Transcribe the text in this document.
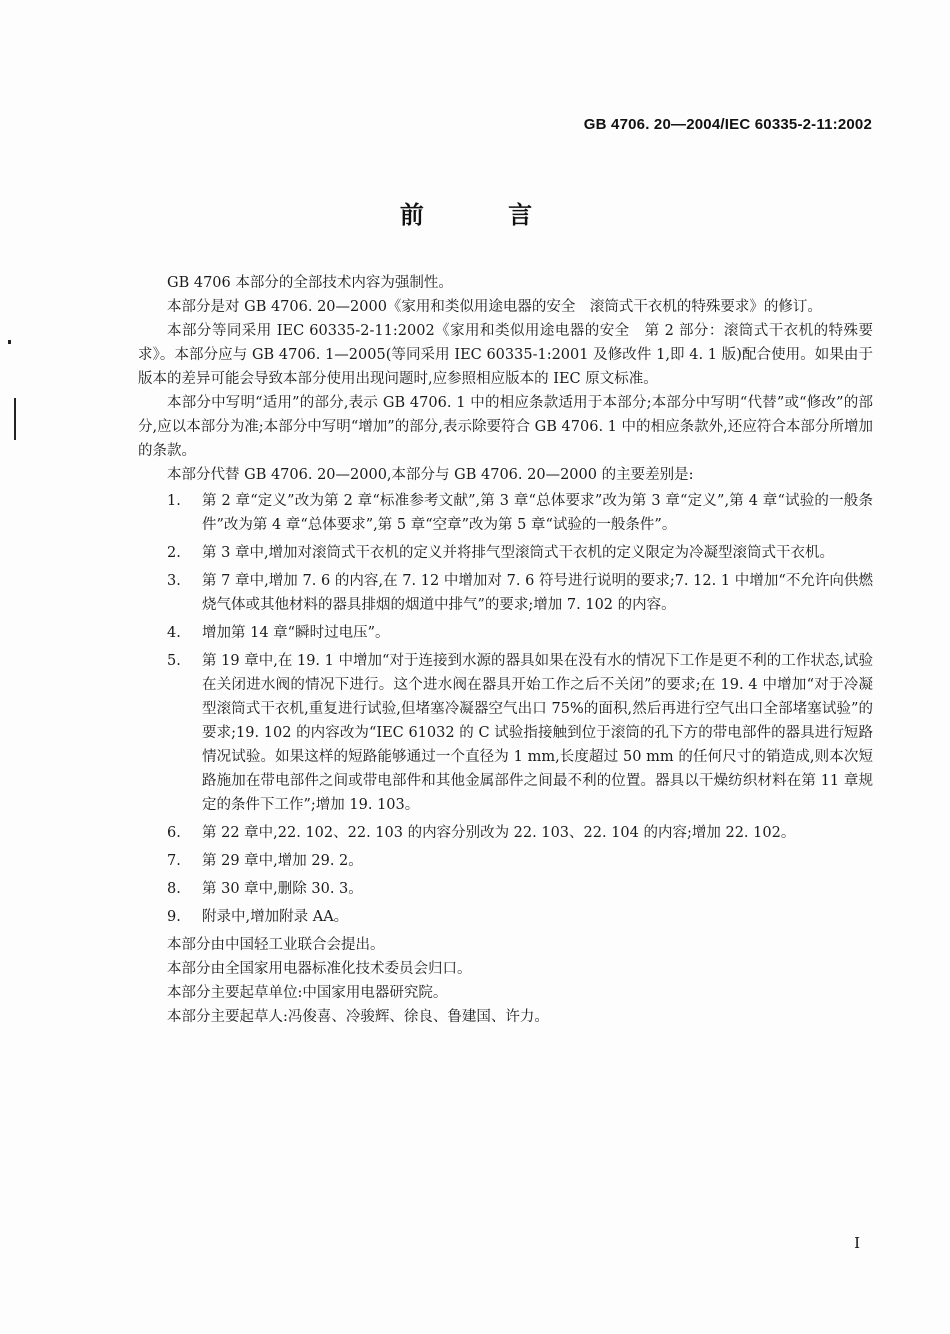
GB 4706. 20—2004/IEC 60335-2-11:2002
前 言

GB 4706 本部分的全部技术内容为强制性。

本部分是对 GB 4706. 20—2000《家用和类似用途电器的安全　滚筒式干衣机的特殊要求》的修订。

本部分等同采用 IEC 60335-2-11:2002《家用和类似用途电器的安全　第 2 部分：滚筒式干衣机的特殊要求》。本部分应与 GB 4706. 1—2005(等同采用 IEC 60335-1:2001 及修改件 1,即 4. 1 版)配合使用。如果由于版本的差异可能会导致本部分使用出现问题时,应参照相应版本的 IEC 原文标准。

本部分中写明“适用”的部分,表示 GB 4706. 1 中的相应条款适用于本部分;本部分中写明“代替”或“修改”的部分,应以本部分为准;本部分中写明“增加”的部分,表示除要符合 GB 4706. 1 中的相应条款外,还应符合本部分所增加的条款。

本部分代替 GB 4706. 20—2000,本部分与 GB 4706. 20—2000 的主要差别是:

1. 第 2 章“定义”改为第 2 章“标准参考文献”,第 3 章“总体要求”改为第 3 章“定义”,第 4 章“试验的一般条件”改为第 4 章“总体要求”,第 5 章“空章”改为第 5 章“试验的一般条件”。
2. 第 3 章中,增加对滚筒式干衣机的定义并将排气型滚筒式干衣机的定义限定为冷凝型滚筒式干衣机。
3. 第 7 章中,增加 7. 6 的内容,在 7. 12 中增加对 7. 6 符号进行说明的要求;7. 12. 1 中增加“不允许向供燃烧气体或其他材料的器具排烟的烟道中排气”的要求;增加 7. 102 的内容。
4. 增加第 14 章“瞬时过电压”。
5. 第 19 章中,在 19. 1 中增加“对于连接到水源的器具如果在没有水的情况下工作是更不利的工作状态,试验在关闭进水阀的情况下进行。这个进水阀在器具开始工作之后不关闭”的要求;在 19. 4 中增加“对于冷凝型滚筒式干衣机,重复进行试验,但堵塞冷凝器空气出口 75%的面积,然后再进行空气出口全部堵塞试验”的要求;19. 102 的内容改为“IEC 61032 的 C 试验指接触到位于滚筒的孔下方的带电部件的器具进行短路情况试验。如果这样的短路能够通过一个直径为 1 mm,长度超过 50 mm 的任何尺寸的销造成,则本次短路施加在带电部件之间或带电部件和其他金属部件之间最不利的位置。器具以干燥纺织材料在第 11 章规定的条件下工作”;增加 19. 103。
6. 第 22 章中,22. 102、22. 103 的内容分别改为 22. 103、22. 104 的内容;增加 22. 102。
7. 第 29 章中,增加 29. 2。
8. 第 30 章中,删除 30. 3。
9. 附录中,增加附录 AA。

本部分由中国轻工业联合会提出。

本部分由全国家用电器标准化技术委员会归口。

本部分主要起草单位:中国家用电器研究院。

本部分主要起草人:冯俊喜、冷骏辉、徐良、鲁建国、许力。

I
